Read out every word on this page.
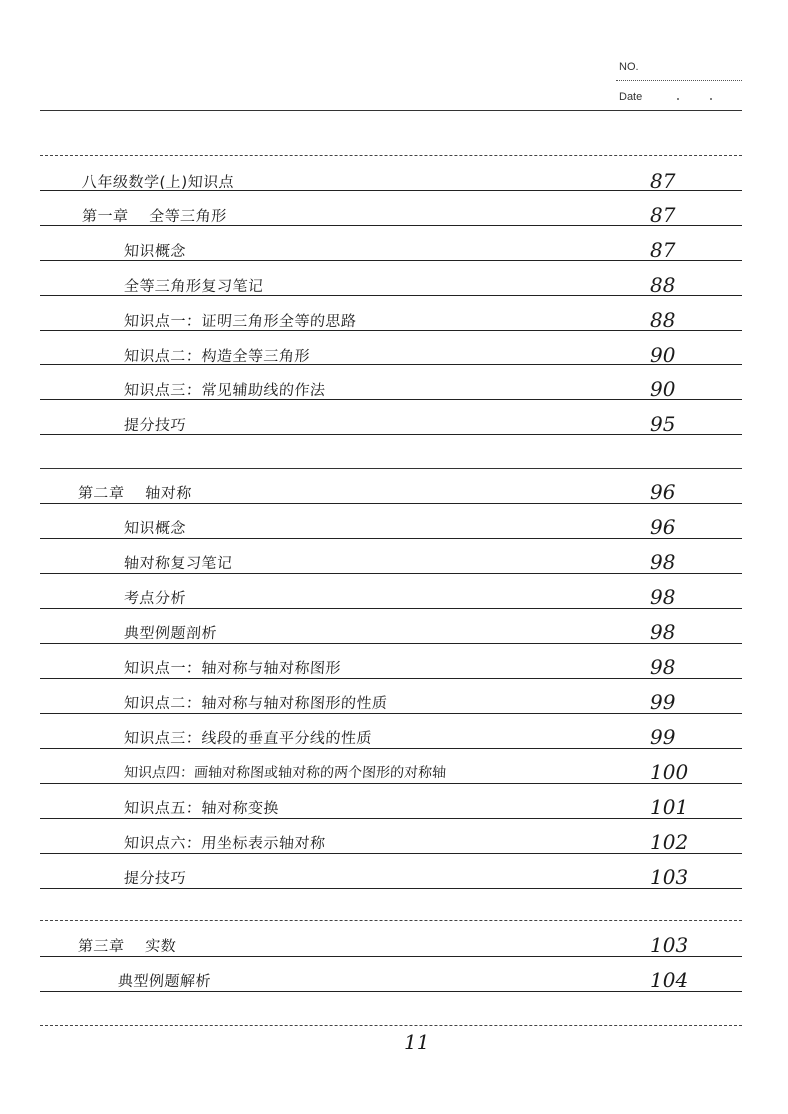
NO.
Date
八年级数学(上)知识点	87
第一章　 全等三角形	87
知识概念	87
全等三角形复习笔记	88
知识点一：证明三角形全等的思路	88
知识点二：构造全等三角形	90
知识点三：常见辅助线的作法	90
提分技巧	95
第二章　 轴对称	96
知识概念	96
轴对称复习笔记	98
考点分析	98
典型例题剖析	98
知识点一：轴对称与轴对称图形	98
知识点二：轴对称与轴对称图形的性质	99
知识点三：线段的垂直平分线的性质	99
知识点四：画轴对称图或轴对称的两个图形的对称轴	100
知识点五：轴对称变换	101
知识点六：用坐标表示轴对称	102
提分技巧	103
第三章　 实数	103
典型例题解析	104
11
